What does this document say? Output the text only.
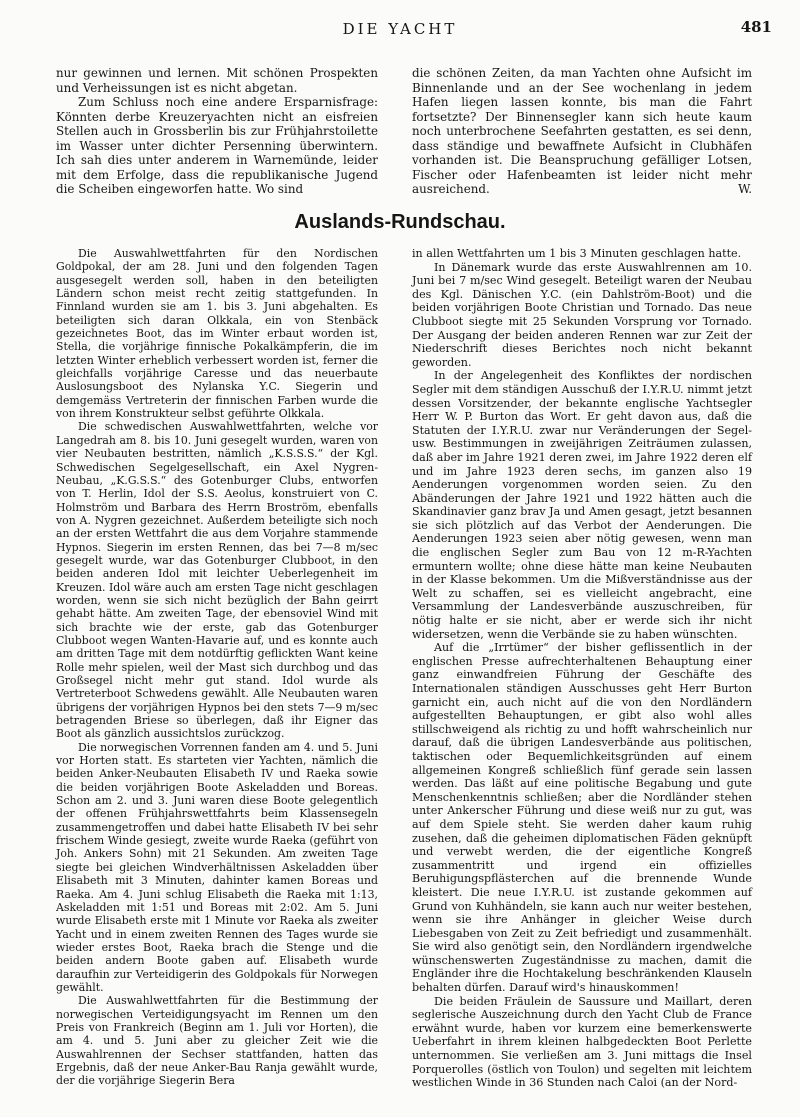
DIE YACHT	481

nur gewinnen und lernen. Mit schönen Prospekten und Verheissungen ist es nicht abgetan.

Zum Schluss noch eine andere Ersparnisfrage: Könnten derbe Kreuzeryachten nicht an eisfreien Stellen auch in Grossberlin bis zur Frühjahrstoilette im Wasser unter dichter Persenning überwintern. Ich sah dies unter anderem in Warnemünde, leider mit dem Erfolge, dass die republikanische Jugend die Scheiben eingeworfen hatte. Wo sind

die schönen Zeiten, da man Yachten ohne Aufsicht im Binnenlande und an der See wochenlang in jedem Hafen liegen lassen konnte, bis man die Fahrt fortsetzte? Der Binnensegler kann sich heute kaum noch unterbrochene Seefahrten gestatten, es sei denn, dass ständige und bewaffnete Aufsicht in Clubhäfen vorhanden ist. Die Beanspruchung gefälliger Lotsen, Fischer oder Hafenbeamten ist leider nicht mehr ausreichend.	W.

Auslands-Rundschau.

Die Auswahlwettfahrten für den Nordischen Goldpokal, der am 28. Juni und den folgenden Tagen ausgesegelt werden soll, haben in den beteiligten Ländern schon meist recht zeitig stattgefunden. In Finnland wurden sie am 1. bis 3. Juni abgehalten. Es beteiligten sich daran Olkkala, ein von Stenbäck gezeichnetes Boot, das im Winter erbaut worden ist, Stella, die vorjährige finnische Pokalkämpferin, die im letzten Winter erheblich verbessert worden ist, ferner die gleichfalls vorjährige Caresse und das neuerbaute Auslosungsboot des Nylanska Y.C. Siegerin und demgemäss Vertreterin der finnischen Farben wurde die von ihrem Konstrukteur selbst geführte Olkkala.

Die schwedischen Auswahlwettfahrten, welche vor Langedrah am 8. bis 10. Juni gesegelt wurden, waren von vier Neubauten bestritten, nämlich „K.S.S.S.“ der Kgl. Schwedischen Segelgesellschaft, ein Axel Nygren-Neubau, „K.G.S.S.“ des Gotenburger Clubs, entworfen von T. Herlin, Idol der S.S. Aeolus, konstruiert von C. Holmström und Barbara des Herrn Broström, ebenfalls von A. Nygren gezeichnet. Außerdem beteiligte sich noch an der ersten Wettfahrt die aus dem Vorjahre stammende Hypnos. Siegerin im ersten Rennen, das bei 7—8 m/sec gesegelt wurde, war das Gotenburger Clubboot, in den beiden anderen Idol mit leichter Ueberlegenheit im Kreuzen. Idol wäre auch am ersten Tage nicht geschlagen worden, wenn sie sich nicht bezüglich der Bahn geirrt gehabt hätte. Am zweiten Tage, der ebensoviel Wind mit sich brachte wie der erste, gab das Gotenburger Clubboot wegen Wanten-Havarie auf, und es konnte auch am dritten Tage mit dem notdürftig geflickten Want keine Rolle mehr spielen, weil der Mast sich durchbog und das Großsegel nicht mehr gut stand. Idol wurde als Vertreterboot Schwedens gewählt. Alle Neubauten waren übrigens der vorjährigen Hypnos bei den stets 7—9 m/sec betragenden Briese so überlegen, daß ihr Eigner das Boot als gänzlich aussichtslos zurückzog.

Die norwegischen Vorrennen fanden am 4. und 5. Juni vor Horten statt. Es starteten vier Yachten, nämlich die beiden Anker-Neubauten Elisabeth IV und Raeka sowie die beiden vorjährigen Boote Askeladden und Boreas. Schon am 2. und 3. Juni waren diese Boote gelegentlich der offenen Frühjahrswettfahrts beim Klassensegeln zusammengetroffen und dabei hatte Elisabeth IV bei sehr frischem Winde gesiegt, zweite wurde Raeka (geführt von Joh. Ankers Sohn) mit 21 Sekunden. Am zweiten Tage siegte bei gleichen Windverhältnissen Askeladden über Elisabeth mit 3 Minuten, dahinter kamen Boreas und Raeka. Am 4. Juni schlug Elisabeth die Raeka mit 1:13, Askeladden mit 1:51 und Boreas mit 2:02. Am 5. Juni wurde Elisabeth erste mit 1 Minute vor Raeka als zweiter Yacht und in einem zweiten Rennen des Tages wurde sie wieder erstes Boot, Raeka brach die Stenge und die beiden andern Boote gaben auf. Elisabeth wurde daraufhin zur Verteidigerin des Goldpokals für Norwegen gewählt.

Die Auswahlwettfahrten für die Bestimmung der norwegischen Verteidigungsyacht im Rennen um den Preis von Frankreich (Beginn am 1. Juli vor Horten), die am 4. und 5. Juni aber zu gleicher Zeit wie die Auswahlrennen der Sechser stattfanden, hatten das Ergebnis, daß der neue Anker-Bau Ranja gewählt wurde, der die vorjährige Siegerin Bera

in allen Wettfahrten um 1 bis 3 Minuten geschlagen hatte.

In Dänemark wurde das erste Auswahlrennen am 10. Juni bei 7 m/sec Wind gesegelt. Beteiligt waren der Neubau des Kgl. Dänischen Y.C. (ein Dahlström-Boot) und die beiden vorjährigen Boote Christian und Tornado. Das neue Clubboot siegte mit 25 Sekunden Vorsprung vor Tornado. Der Ausgang der beiden anderen Rennen war zur Zeit der Niederschrift dieses Berichtes noch nicht bekannt geworden.

In der Angelegenheit des Konfliktes der nordischen Segler mit dem ständigen Ausschuß der I.Y.R.U. nimmt jetzt dessen Vorsitzender, der bekannte englische Yachtsegler Herr W. P. Burton das Wort. Er geht davon aus, daß die Statuten der I.Y.R.U. zwar nur Veränderungen der Segel- usw. Bestimmungen in zweijährigen Zeiträumen zulassen, daß aber im Jahre 1921 deren zwei, im Jahre 1922 deren elf und im Jahre 1923 deren sechs, im ganzen also 19 Aenderungen vorgenommen worden seien. Zu den Abänderungen der Jahre 1921 und 1922 hätten auch die Skandinavier ganz brav Ja und Amen gesagt, jetzt besannen sie sich plötzlich auf das Verbot der Aenderungen. Die Aenderungen 1923 seien aber nötig gewesen, wenn man die englischen Segler zum Bau von 12 m-R-Yachten ermuntern wollte; ohne diese hätte man keine Neubauten in der Klasse bekommen. Um die Mißverständnisse aus der Welt zu schaffen, sei es vielleicht angebracht, eine Versammlung der Landesverbände auszuschreiben, für nötig halte er sie nicht, aber er werde sich ihr nicht widersetzen, wenn die Verbände sie zu haben wünschten.

Auf die „Irrtümer“ der bisher geflissentlich in der englischen Presse aufrechterhaltenen Behauptung einer ganz einwandfreien Führung der Geschäfte des Internationalen ständigen Ausschusses geht Herr Burton garnicht ein, auch nicht auf die von den Nordländern aufgestellten Behauptungen, er gibt also wohl alles stillschweigend als richtig zu und hofft wahrscheinlich nur darauf, daß die übrigen Landesverbände aus politischen, taktischen oder Bequemlichkeitsgründen auf einem allgemeinen Kongreß schließlich fünf gerade sein lassen werden. Das läßt auf eine politische Begabung und gute Menschenkenntnis schließen; aber die Nordländer stehen unter Ankerscher Führung und diese weiß nur zu gut, was auf dem Spiele steht. Sie werden daher kaum ruhig zusehen, daß die geheimen diplomatischen Fäden geknüpft und verwebt werden, die der eigentliche Kongreß zusammentritt und irgend ein offizielles Beruhigungspflästerchen auf die brennende Wunde kleistert. Die neue I.Y.R.U. ist zustande gekommen auf Grund von Kuhhändeln, sie kann auch nur weiter bestehen, wenn sie ihre Anhänger in gleicher Weise durch Liebesgaben von Zeit zu Zeit befriedigt und zusammenhält. Sie wird also genötigt sein, den Nordländern irgendwelche wünschenswerten Zugeständnisse zu machen, damit die Engländer ihre die Hochtakelung beschränkenden Klauseln behalten dürfen. Darauf wird's hinauskommen!

Die beiden Fräulein de Saussure und Maillart, deren seglerische Auszeichnung durch den Yacht Club de France erwähnt wurde, haben vor kurzem eine bemerkenswerte Ueberfahrt in ihrem kleinen halbgedeckten Boot Perlette unternommen. Sie verließen am 3. Juni mittags die Insel Porquerolles (östlich von Toulon) und segelten mit leichtem westlichen Winde in 36 Stunden nach Caloi (an der Nord-
